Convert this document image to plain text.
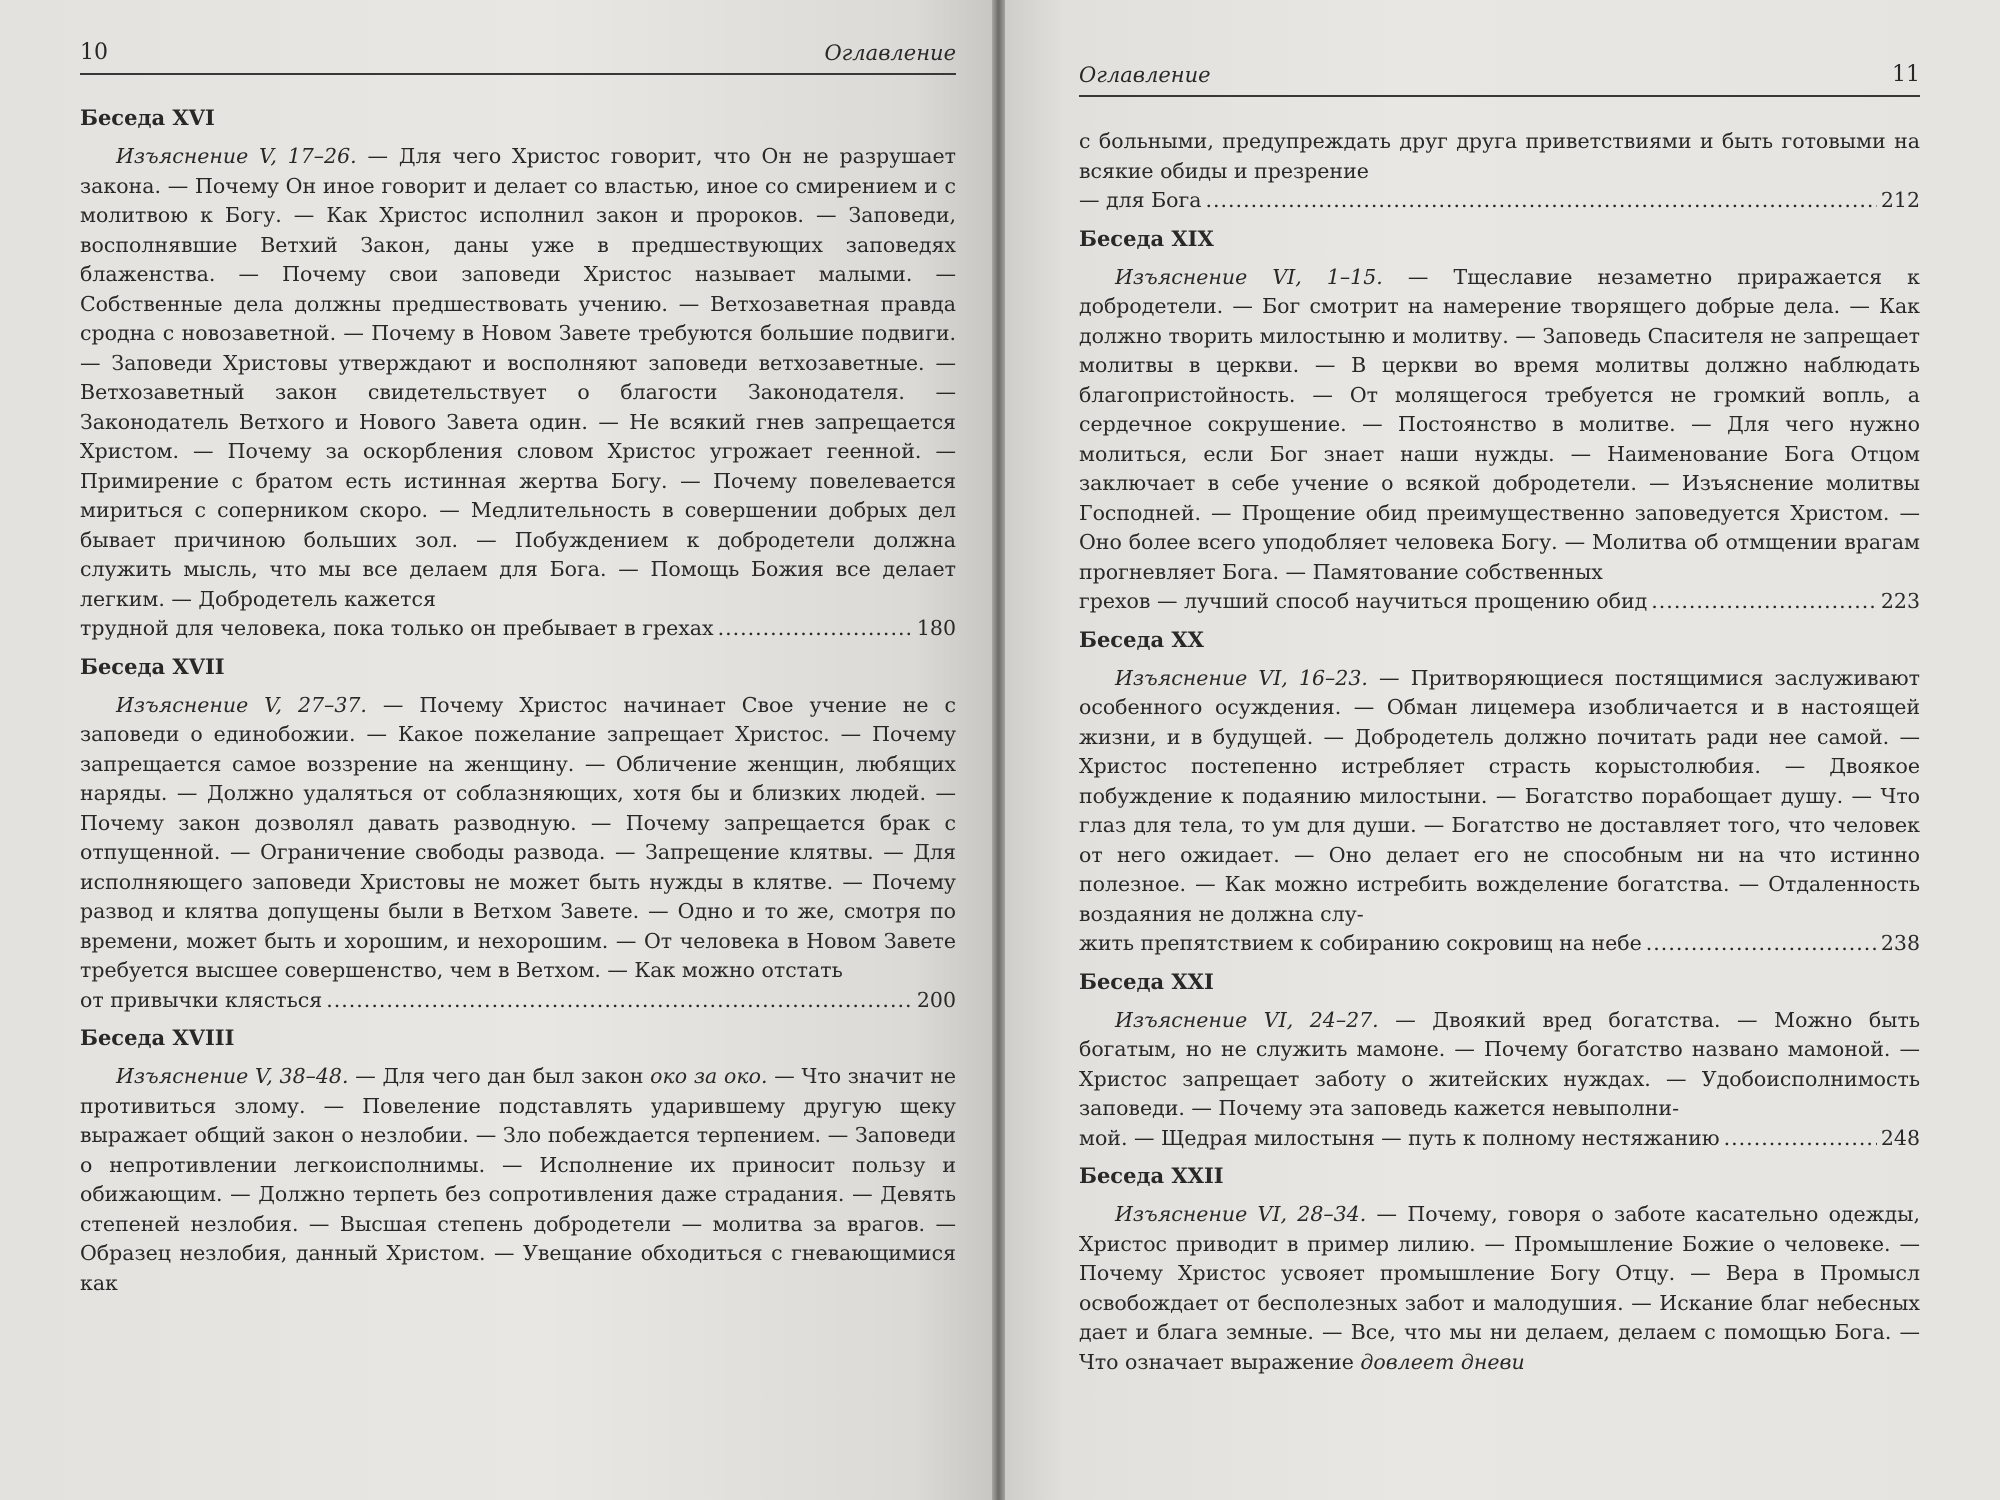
10	Оглавление
Беседа XVI

Изъяснение V, 17–26. — Для чего Христос говорит, что Он не разрушает закона. — Почему Он иное говорит и делает со властью, иное со смирением и с молитвою к Богу. — Как Христос исполнил закон и пророков. — Заповеди, восполнявшие Ветхий Закон, даны уже в предшествующих заповедях блаженства. — Почему свои заповеди Христос называет малыми. — Собственные дела должны предшествовать учению. — Ветхозаветная правда сродна с новозаветной. — Почему в Новом Завете требуются большие подвиги. — Заповеди Христовы утверждают и восполняют заповеди ветхозаветные. — Ветхозаветный закон свидетельствует о благости Законодателя. — Законодатель Ветхого и Нового Завета один. — Не всякий гнев запрещается Христом. — Почему за оскорбления словом Христос угрожает геенной. — Примирение с братом есть истинная жертва Богу. — Почему повелевается мириться с соперником скоро. — Медлительность в совершении добрых дел бывает причиною больших зол. — Побуждением к добродетели должна служить мысль, что мы все делаем для Бога. — Помощь Божия все делает легким. — Добродетель кажется

трудной для человека, пока только он пребывает в грехах .....	180
Беседа XVII

Изъяснение V, 27–37. — Почему Христос начинает Свое учение не с заповеди о единобожии. — Какое пожелание запрещает Христос. — Почему запрещается самое воззрение на женщину. — Обличение женщин, любящих наряды. — Должно удаляться от соблазняющих, хотя бы и близких людей. — Почему закон дозволял давать разводную. — Почему запрещается брак с отпущенной. — Ограничение свободы развода. — Запрещение клятвы. — Для исполняющего заповеди Христовы не может быть нужды в клятве. — Почему развод и клятва допущены были в Ветхом Завете. — Одно и то же, смотря по времени, может быть и хорошим, и нехорошим. — От человека в Новом Завете требуется высшее совершенство, чем в Ветхом. — Как можно отстать

от привычки клясться .....	200
Беседа XVIII

Изъяснение V, 38–48. — Для чего дан был закон око за око. — Что значит не противиться злому. — Повеление подставлять ударившему другую щеку выражает общий закон о незлобии. — Зло побеждается терпением. — Заповеди о непротивлении легкоисполнимы. — Исполнение их приносит пользу и обижающим. — Должно терпеть без сопротивления даже страдания. — Девять степеней незлобия. — Высшая степень добродетели — молитва за врагов. — Образец незлобия, данный Христом. — Увещание обходиться с гневающимися как

Оглавление	11

с больными, предупреждать друг друга приветствиями и быть готовыми на всякие обиды и презрение

— для Бога .....	212
Беседа XIX

Изъяснение VI, 1–15. — Тщеславие незаметно приражается к добродетели. — Бог смотрит на намерение творящего добрые дела. — Как должно творить милостыню и молитву. — Заповедь Спасителя не запрещает молитвы в церкви. — В церкви во время молитвы должно наблюдать благопристойность. — От молящегося требуется не громкий вопль, а сердечное сокрушение. — Постоянство в молитве. — Для чего нужно молиться, если Бог знает наши нужды. — Наименование Бога Отцом заключает в себе учение о всякой добродетели. — Изъяснение молитвы Господней. — Прощение обид преимущественно заповедуется Христом. — Оно более всего уподобляет человека Богу. — Молитва об отмщении врагам прогневляет Бога. — Памятование собственных

грехов — лучший способ научиться прощению обид .....	223
Беседа XX

Изъяснение VI, 16–23. — Притворяющиеся постящимися заслуживают особенного осуждения. — Обман лицемера изобличается и в настоящей жизни, и в будущей. — Добродетель должно почитать ради нее самой. — Христос постепенно истребляет страсть корыстолюбия. — Двоякое побуждение к подаянию милостыни. — Богатство порабощает душу. — Что глаз для тела, то ум для души. — Богатство не доставляет того, что человек от него ожидает. — Оно делает его не способным ни на что истинно полезное. — Как можно истребить вожделение богатства. — Отдаленность воздаяния не должна слу-

жить препятствием к собиранию сокровищ на небе .....	238
Беседа XXI

Изъяснение VI, 24–27. — Двоякий вред богатства. — Можно быть богатым, но не служить мамоне. — Почему богатство названо мамоной. — Христос запрещает заботу о житейских нуждах. — Удобоисполнимость заповеди. — Почему эта заповедь кажется невыполни-

мой. — Щедрая милостыня — путь к полному нестяжанию .....	248
Беседа XXII

Изъяснение VI, 28–34. — Почему, говоря о заботе касательно одежды, Христос приводит в пример лилию. — Промышление Божие о человеке. — Почему Христос усвояет промышление Богу Отцу. — Вера в Промысл освобождает от бесполезных забот и малодушия. — Искание благ небесных дает и блага земные. — Все, что мы ни делаем, делаем с помощью Бога. — Что означает выражение довлеет дневи
